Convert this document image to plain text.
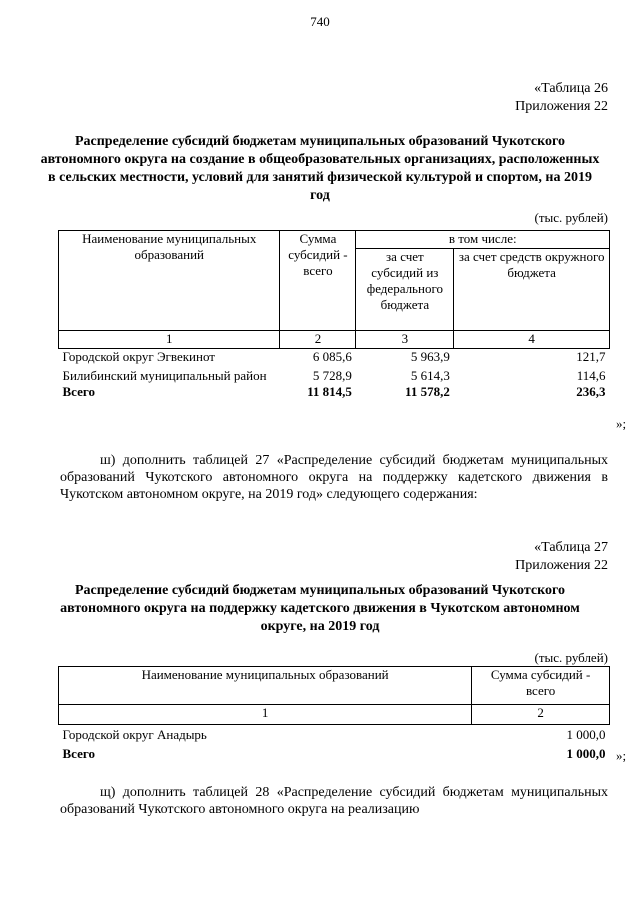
740
«Таблица 26
Приложения 22
Распределение субсидий бюджетам муниципальных образований Чукотского автономного округа на создание в общеобразовательных организациях, расположенных в сельских местности, условий для занятий физической культурой и спортом, на 2019 год
(тыс. рублей)
Наименование муниципальных образований	Сумма субсидий - всего	в том числе:	
		за счет субсидий из федерального бюджета	за счет средств окружного бюджета
1	2	3	4
Городской округ Эгвекинот	6 085,6	5 963,9	121,7
Билибинский муниципальный район	5 728,9	5 614,3	114,6
Всего	11 814,5	11 578,2	236,3
»;

ш) дополнить таблицей 27 «Распределение субсидий бюджетам муниципальных образований Чукотского автономного округа на поддержку кадетского движения в Чукотском автономном округе, на 2019 год» следующего содержания:

«Таблица 27
Приложения 22
Распределение субсидий бюджетам муниципальных образований Чукотского автономного округа на поддержку кадетского движения в Чукотском автономном округе, на 2019 год
(тыс. рублей)
Наименование муниципальных образований	Сумма субсидий - всего
1	2
Городской округ Анадырь	1 000,0
Всего	1 000,0 »;

щ) дополнить таблицей 28 «Распределение субсидий бюджетам муниципальных образований Чукотского автономного округа на реализацию
